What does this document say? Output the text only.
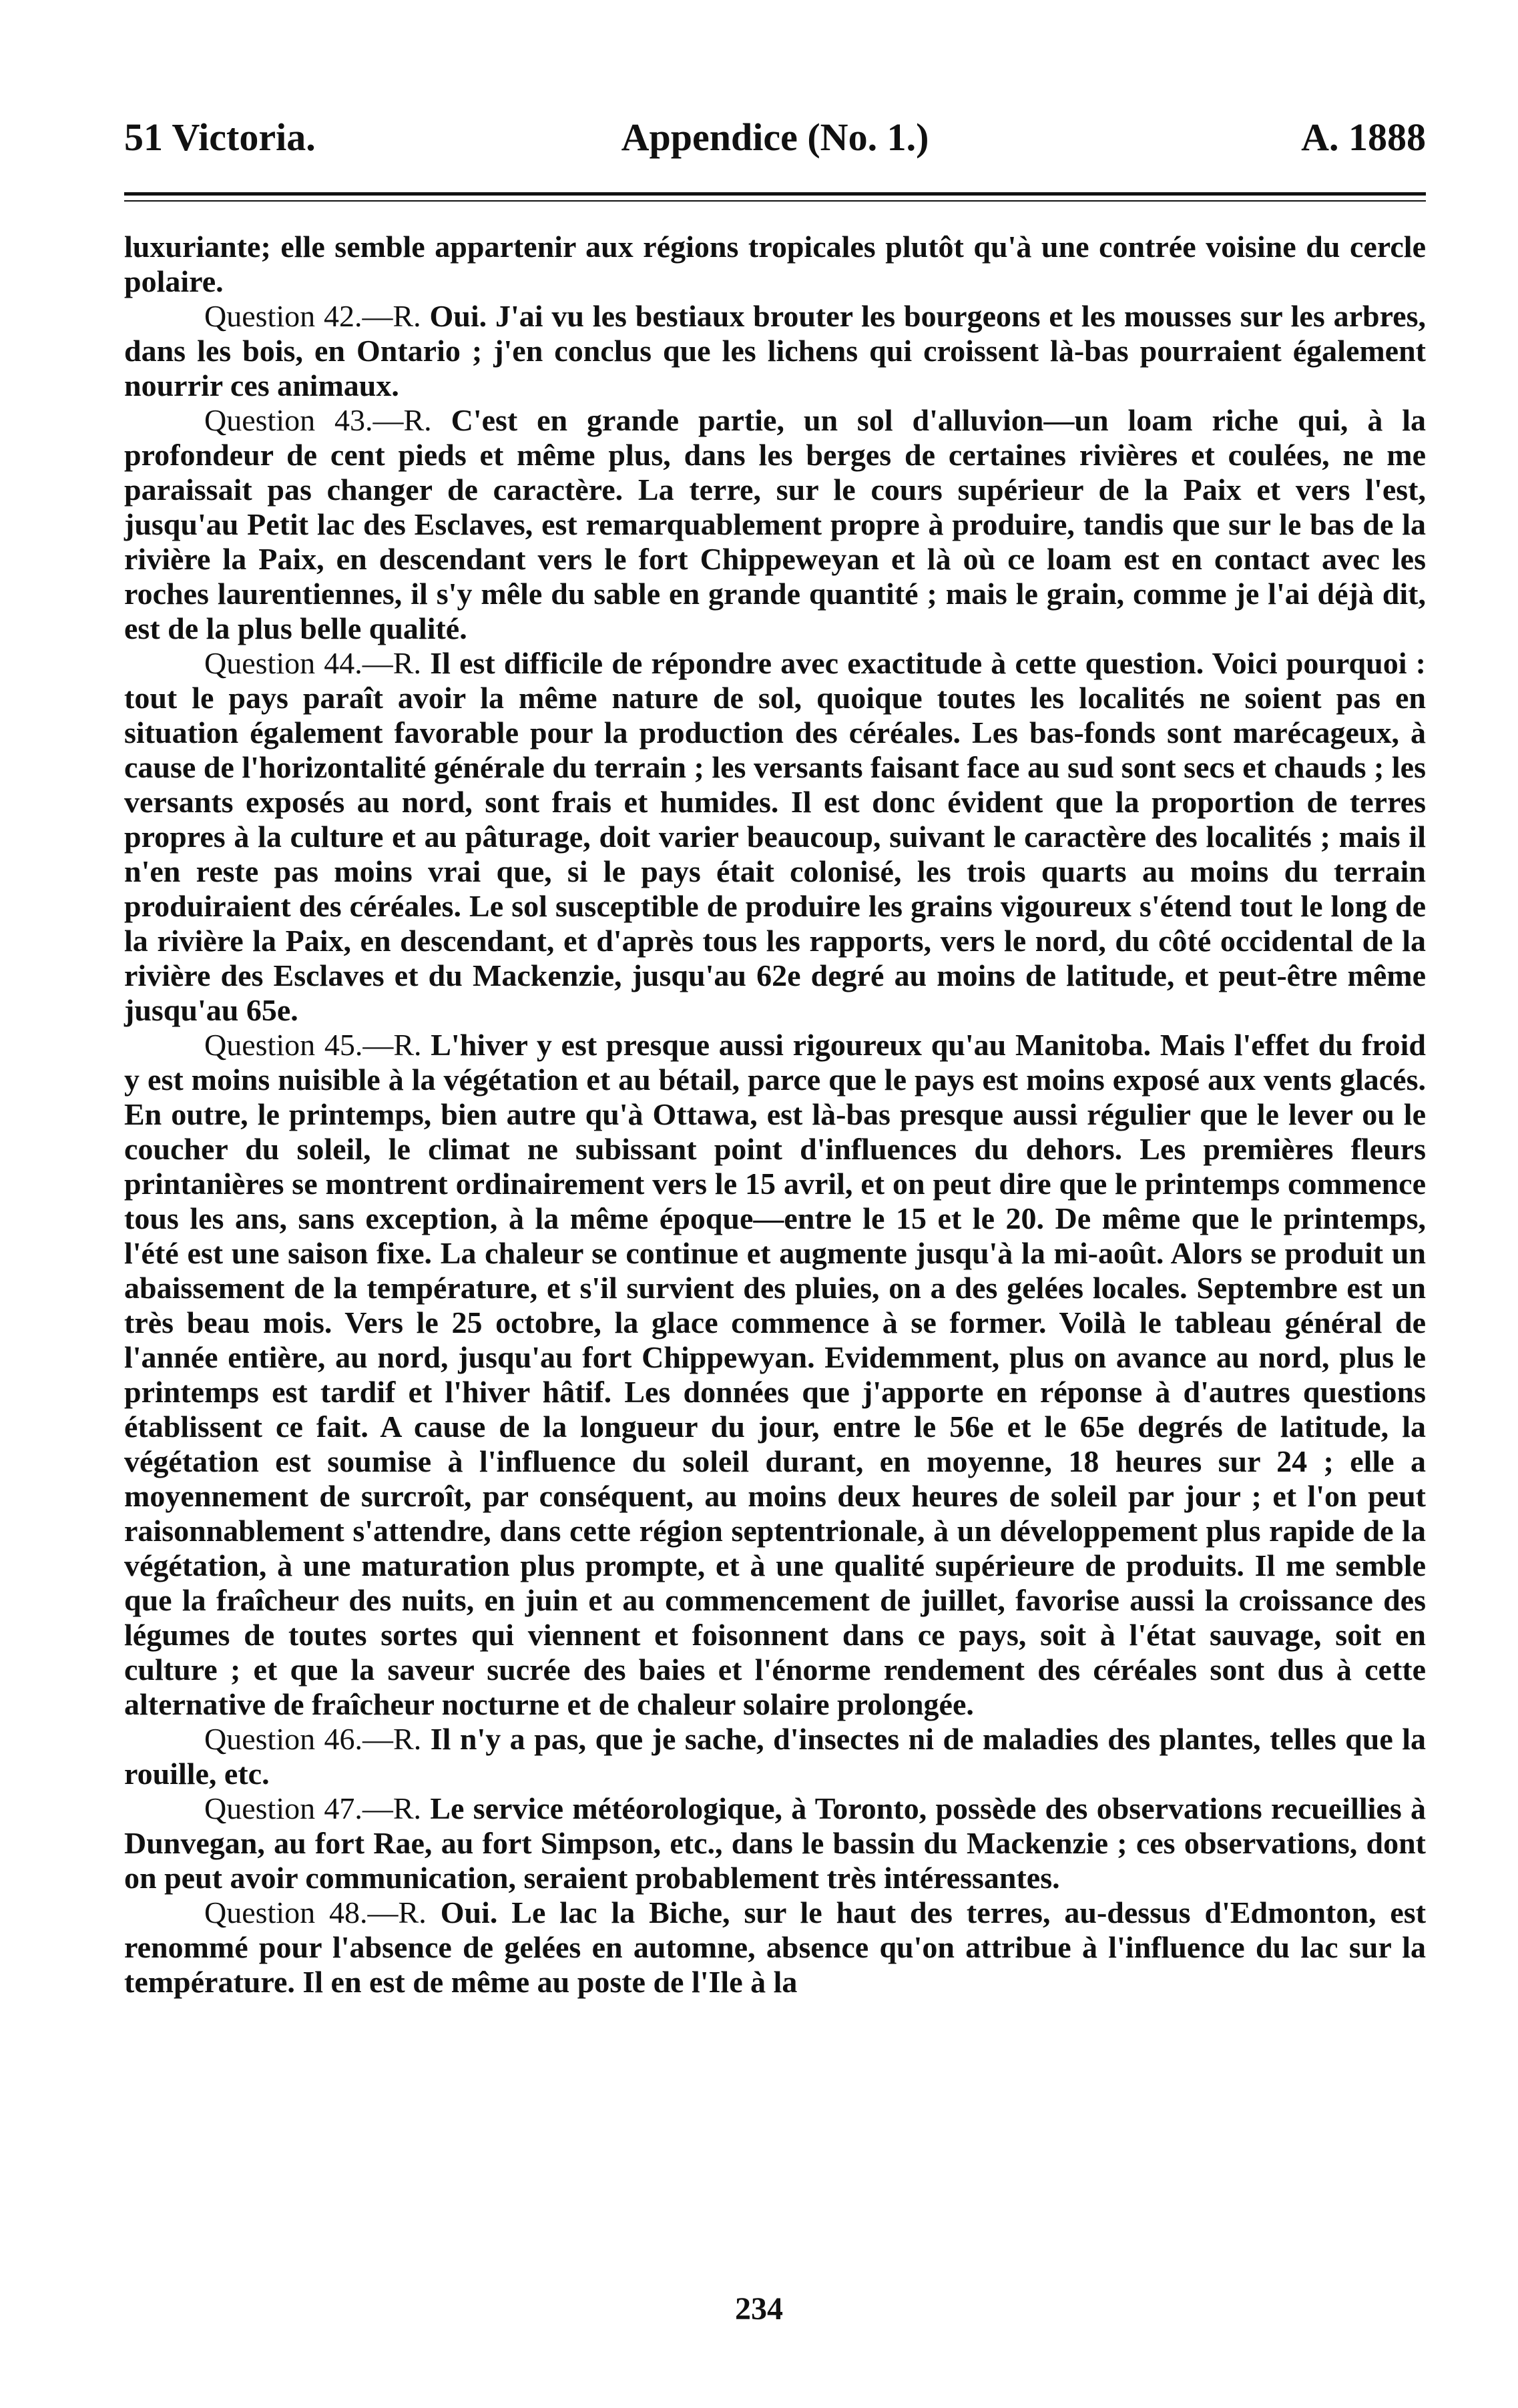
51 Victoria.	Appendice (No. 1.)	A. 1888

luxuriante; elle semble appartenir aux régions tropicales plutôt qu'à une contrée voisine du cercle polaire.

Question 42.—R. Oui. J'ai vu les bestiaux brouter les bourgeons et les mousses sur les arbres, dans les bois, en Ontario ; j'en conclus que les lichens qui croissent là-bas pourraient également nourrir ces animaux.

Question 43.—R. C'est en grande partie, un sol d'alluvion—un loam riche qui, à la profondeur de cent pieds et même plus, dans les berges de certaines rivières et coulées, ne me paraissait pas changer de caractère. La terre, sur le cours supérieur de la Paix et vers l'est, jusqu'au Petit lac des Esclaves, est remarquablement propre à produire, tandis que sur le bas de la rivière la Paix, en descendant vers le fort Chippeweyan et là où ce loam est en contact avec les roches laurentiennes, il s'y mêle du sable en grande quantité ; mais le grain, comme je l'ai déjà dit, est de la plus belle qualité.

Question 44.—R. Il est difficile de répondre avec exactitude à cette question. Voici pourquoi : tout le pays paraît avoir la même nature de sol, quoique toutes les localités ne soient pas en situation également favorable pour la production des céréales. Les bas-fonds sont marécageux, à cause de l'horizontalité générale du terrain ; les versants faisant face au sud sont secs et chauds ; les versants exposés au nord, sont frais et humides. Il est donc évident que la proportion de terres propres à la culture et au pâturage, doit varier beaucoup, suivant le caractère des localités ; mais il n'en reste pas moins vrai que, si le pays était colonisé, les trois quarts au moins du terrain produiraient des céréales. Le sol susceptible de produire les grains vigoureux s'étend tout le long de la rivière la Paix, en descendant, et d'après tous les rapports, vers le nord, du côté occidental de la rivière des Esclaves et du Mackenzie, jusqu'au 62e degré au moins de latitude, et peut-être même jusqu'au 65e.

Question 45.—R. L'hiver y est presque aussi rigoureux qu'au Manitoba. Mais l'effet du froid y est moins nuisible à la végétation et au bétail, parce que le pays est moins exposé aux vents glacés. En outre, le printemps, bien autre qu'à Ottawa, est là-bas presque aussi régulier que le lever ou le coucher du soleil, le climat ne subissant point d'influences du dehors. Les premières fleurs printanières se montrent ordinairement vers le 15 avril, et on peut dire que le printemps commence tous les ans, sans exception, à la même époque—entre le 15 et le 20. De même que le printemps, l'été est une saison fixe. La chaleur se continue et augmente jusqu'à la mi-août. Alors se produit un abaissement de la température, et s'il survient des pluies, on a des gelées locales. Septembre est un très beau mois. Vers le 25 octobre, la glace commence à se former. Voilà le tableau général de l'année entière, au nord, jusqu'au fort Chippewyan. Evidemment, plus on avance au nord, plus le printemps est tardif et l'hiver hâtif. Les données que j'apporte en réponse à d'autres questions établissent ce fait. A cause de la longueur du jour, entre le 56e et le 65e degrés de latitude, la végétation est soumise à l'influence du soleil durant, en moyenne, 18 heures sur 24 ; elle a moyennement de surcroît, par conséquent, au moins deux heures de soleil par jour ; et l'on peut raisonnablement s'attendre, dans cette région septentrionale, à un développement plus rapide de la végétation, à une maturation plus prompte, et à une qualité supérieure de produits. Il me semble que la fraîcheur des nuits, en juin et au commencement de juillet, favorise aussi la croissance des légumes de toutes sortes qui viennent et foisonnent dans ce pays, soit à l'état sauvage, soit en culture ; et que la saveur sucrée des baies et l'énorme rendement des céréales sont dus à cette alternative de fraîcheur nocturne et de chaleur solaire prolongée.

Question 46.—R. Il n'y a pas, que je sache, d'insectes ni de maladies des plantes, telles que la rouille, etc.

Question 47.—R. Le service météorologique, à Toronto, possède des observations recueillies à Dunvegan, au fort Rae, au fort Simpson, etc., dans le bassin du Mackenzie ; ces observations, dont on peut avoir communication, seraient probablement très intéressantes.

Question 48.—R. Oui. Le lac la Biche, sur le haut des terres, au-dessus d'Edmonton, est renommé pour l'absence de gelées en automne, absence qu'on attribue à l'influence du lac sur la température. Il en est de même au poste de l'Ile à la

234
